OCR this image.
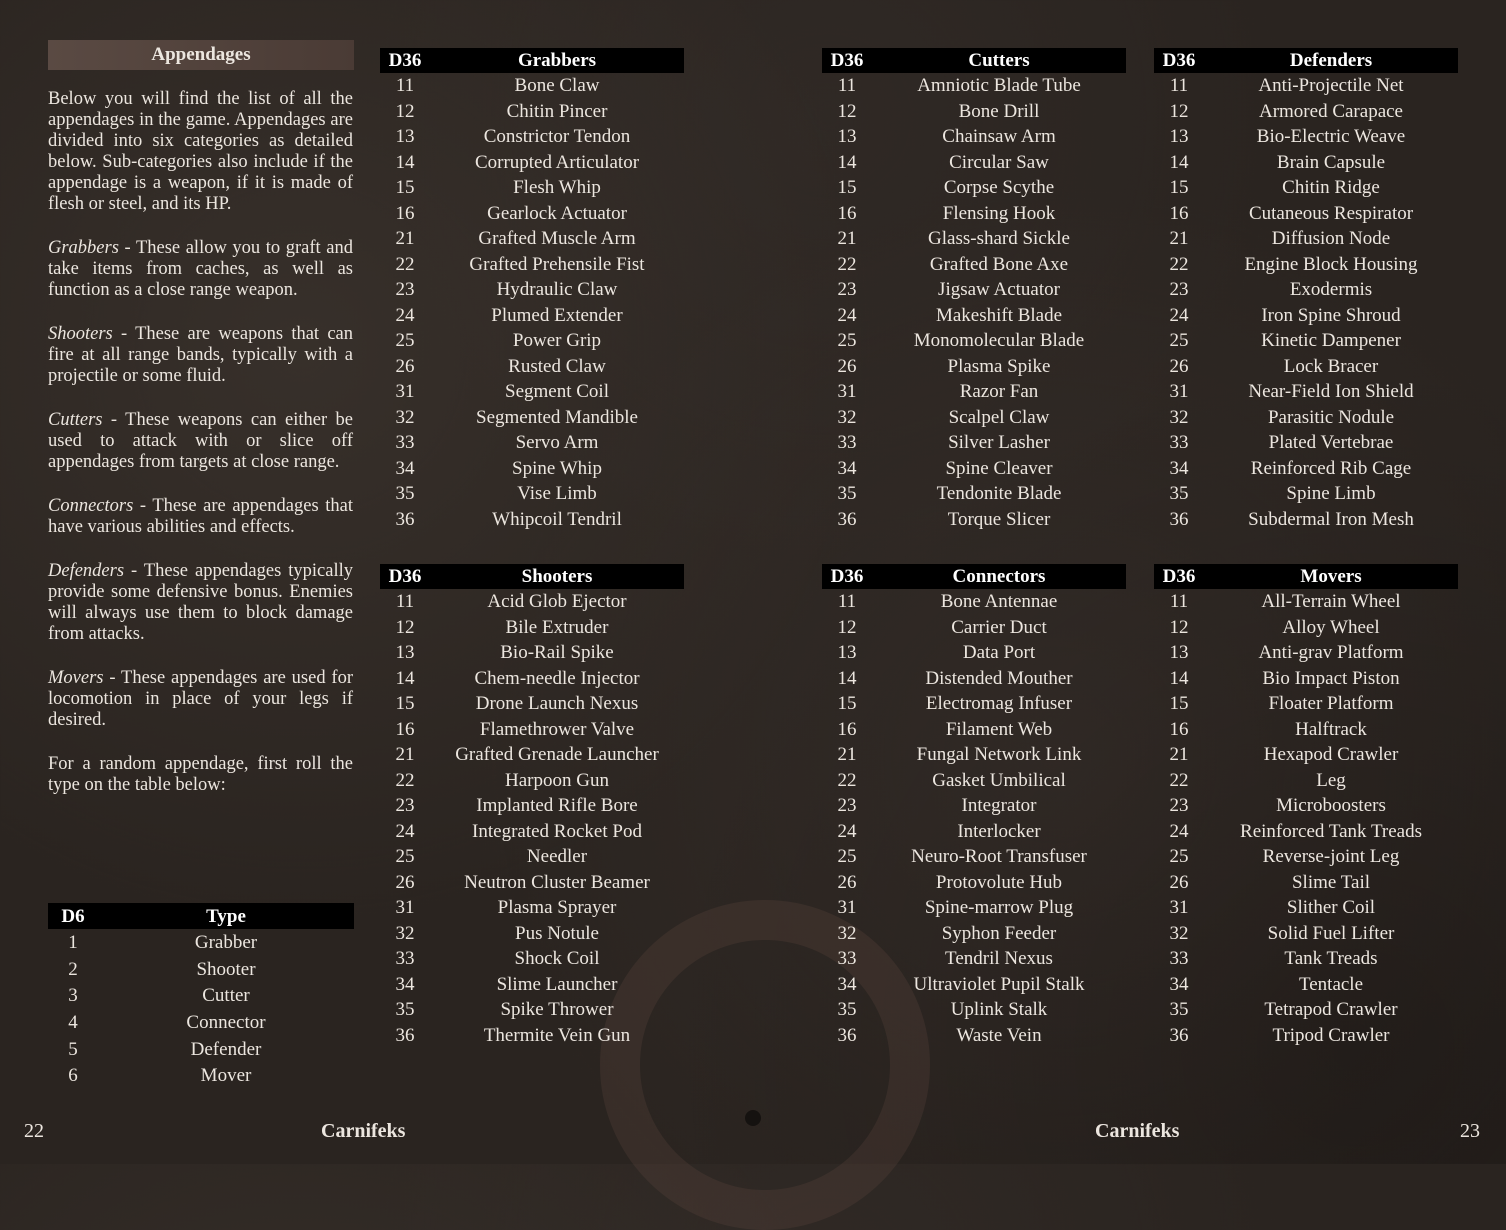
Appendages

Below you will find the list of all the appendages in the game. Appendages are divided into six categories as detailed below. Sub-categories also include if the appendage is a weapon, if it is made of flesh or steel, and its HP.

Grabbers - These allow you to graft and take items from caches, as well as function as a close range weapon.

Shooters - These are weapons that can fire at all range bands, typically with a projectile or some fluid.

Cutters - These weapons can either be used to attack with or slice off appendages from targets at close range.

Connectors - These are appendages that have various abilities and effects.

Defenders - These appendages typically provide some defensive bonus. Enemies will always use them to block damage from attacks.

Movers - These appendages are used for locomotion in place of your legs if desired.

For a random appendage, first roll the type on the table below:

D6	Type
1	Grabber
2	Shooter
3	Cutter
4	Connector
5	Defender
6	Mover
D36	Grabbers
11	Bone Claw
12	Chitin Pincer
13	Constrictor Tendon
14	Corrupted Articulator
15	Flesh Whip
16	Gearlock Actuator
21	Grafted Muscle Arm
22	Grafted Prehensile Fist
23	Hydraulic Claw
24	Plumed Extender
25	Power Grip
26	Rusted Claw
31	Segment Coil
32	Segmented Mandible
33	Servo Arm
34	Spine Whip
35	Vise Limb
36	Whipcoil Tendril
D36	Cutters
11	Amniotic Blade Tube
12	Bone Drill
13	Chainsaw Arm
14	Circular Saw
15	Corpse Scythe
16	Flensing Hook
21	Glass-shard Sickle
22	Grafted Bone Axe
23	Jigsaw Actuator
24	Makeshift Blade
25	Monomolecular Blade
26	Plasma Spike
31	Razor Fan
32	Scalpel Claw
33	Silver Lasher
34	Spine Cleaver
35	Tendonite Blade
36	Torque Slicer
D36	Defenders
11	Anti-Projectile Net
12	Armored Carapace
13	Bio-Electric Weave
14	Brain Capsule
15	Chitin Ridge
16	Cutaneous Respirator
21	Diffusion Node
22	Engine Block Housing
23	Exodermis
24	Iron Spine Shroud
25	Kinetic Dampener
26	Lock Bracer
31	Near-Field Ion Shield
32	Parasitic Nodule
33	Plated Vertebrae
34	Reinforced Rib Cage
35	Spine Limb
36	Subdermal Iron Mesh
D36	Shooters
11	Acid Glob Ejector
12	Bile Extruder
13	Bio-Rail Spike
14	Chem-needle Injector
15	Drone Launch Nexus
16	Flamethrower Valve
21	Grafted Grenade Launcher
22	Harpoon Gun
23	Implanted Rifle Bore
24	Integrated Rocket Pod
25	Needler
26	Neutron Cluster Beamer
31	Plasma Sprayer
32	Pus Notule
33	Shock Coil
34	Slime Launcher
35	Spike Thrower
36	Thermite Vein Gun
D36	Connectors
11	Bone Antennae
12	Carrier Duct
13	Data Port
14	Distended Mouther
15	Electromag Infuser
16	Filament Web
21	Fungal Network Link
22	Gasket Umbilical
23	Integrator
24	Interlocker
25	Neuro-Root Transfuser
26	Protovolute Hub
31	Spine-marrow Plug
32	Syphon Feeder
33	Tendril Nexus
34	Ultraviolet Pupil Stalk
35	Uplink Stalk
36	Waste Vein
D36	Movers
11	All-Terrain Wheel
12	Alloy Wheel
13	Anti-grav Platform
14	Bio Impact Piston
15	Floater Platform
16	Halftrack
21	Hexapod Crawler
22	Leg
23	Microboosters
24	Reinforced Tank Treads
25	Reverse-joint Leg
26	Slime Tail
31	Slither Coil
32	Solid Fuel Lifter
33	Tank Treads
34	Tentacle
35	Tetrapod Crawler
36	Tripod Crawler
22	Carnifeks	Carnifeks	23
